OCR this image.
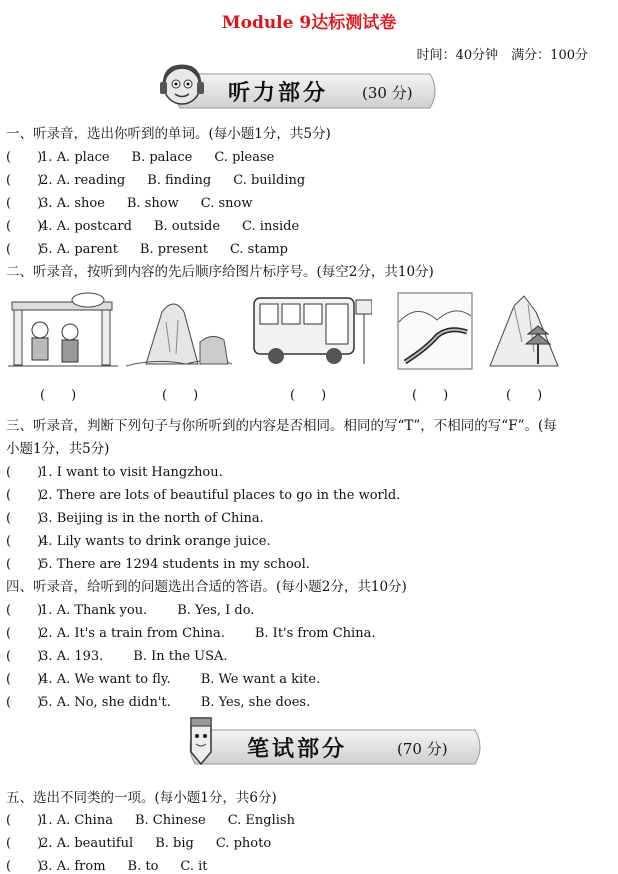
Module 9达标测试卷
时间：40分钟　满分：100分
听力部分 (30 分)
一、听录音，选出你听到的单词。(每小题1分，共5分)
(　　) 1. A. place B. palace C. please
(　　) 2. A. reading B. finding C. building
(　　) 3. A. shoe B. show C. snow
(　　) 4. A. postcard B. outside C. inside
(　　) 5. A. parent B. present C. stamp
二、听录音，按听到内容的先后顺序给图片标序号。(每空2分，共10分)
(　　)	(　　)	(　　)	(　　)	(　　)
三、听录音，判断下列句子与你所听到的内容是否相同。相同的写“T”，不相同的写“F”。(每
小题1分，共5分)
(　　) 1. I want to visit Hangzhou.
(　　) 2. There are lots of beautiful places to go in the world.
(　　) 3. Beijing is in the north of China.
(　　) 4. Lily wants to drink orange juice.
(　　) 5. There are 1294 students in my school.
四、听录音，给听到的问题选出合适的答语。(每小题2分，共10分)
(　　) 1. A. Thank you. B. Yes, I do.
(　　) 2. A. It's a train from China. B. It's from China.
(　　) 3. A. 193. B. In the USA.
(　　) 4. A. We want to fly. B. We want a kite.
(　　) 5. A. No, she didn't. B. Yes, she does.
笔试部分	(70 分)
五、选出不同类的一项。(每小题1分，共6分)
(　　) 1. A. China B. Chinese C. English
(　　) 2. A. beautiful B. big C. photo
(　　) 3. A. from B. to C. it
